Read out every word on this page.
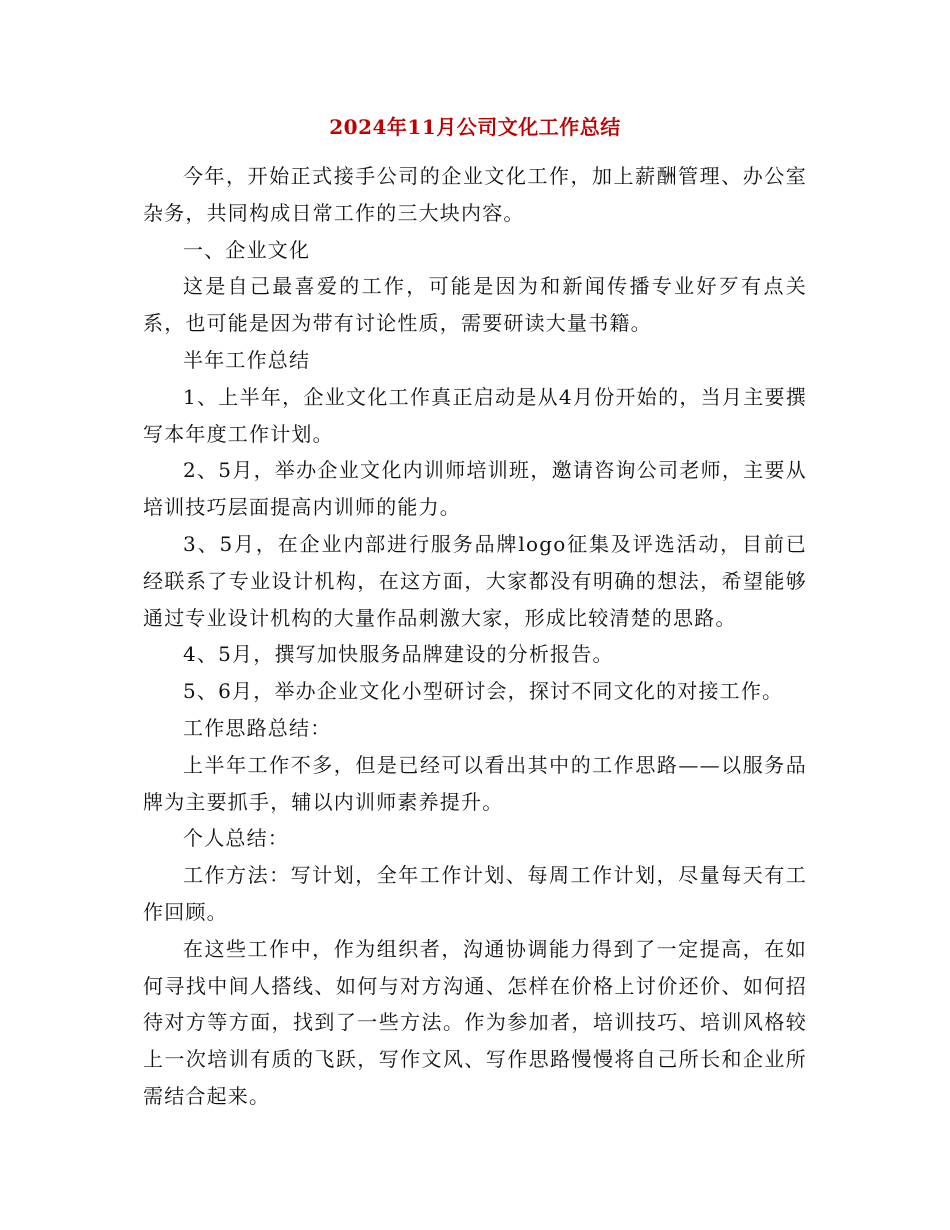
2024年11月公司文化工作总结

今年，开始正式接手公司的企业文化工作，加上薪酬管理、办公室杂务，共同构成日常工作的三大块内容。

一、企业文化

这是自己最喜爱的工作，可能是因为和新闻传播专业好歹有点关系，也可能是因为带有讨论性质，需要研读大量书籍。

半年工作总结

1、上半年，企业文化工作真正启动是从4月份开始的，当月主要撰写本年度工作计划。

2、5月，举办企业文化内训师培训班，邀请咨询公司老师，主要从培训技巧层面提高内训师的能力。

3、5月，在企业内部进行服务品牌logo征集及评选活动，目前已经联系了专业设计机构，在这方面，大家都没有明确的想法，希望能够通过专业设计机构的大量作品刺激大家，形成比较清楚的思路。

4、5月，撰写加快服务品牌建设的分析报告。

5、6月，举办企业文化小型研讨会，探讨不同文化的对接工作。

工作思路总结：

上半年工作不多，但是已经可以看出其中的工作思路——以服务品牌为主要抓手，辅以内训师素养提升。

个人总结：

工作方法：写计划，全年工作计划、每周工作计划，尽量每天有工作回顾。

在这些工作中，作为组织者，沟通协调能力得到了一定提高，在如何寻找中间人搭线、如何与对方沟通、怎样在价格上讨价还价、如何招待对方等方面，找到了一些方法。作为参加者，培训技巧、培训风格较上一次培训有质的飞跃，写作文风、写作思路慢慢将自己所长和企业所需结合起来。
